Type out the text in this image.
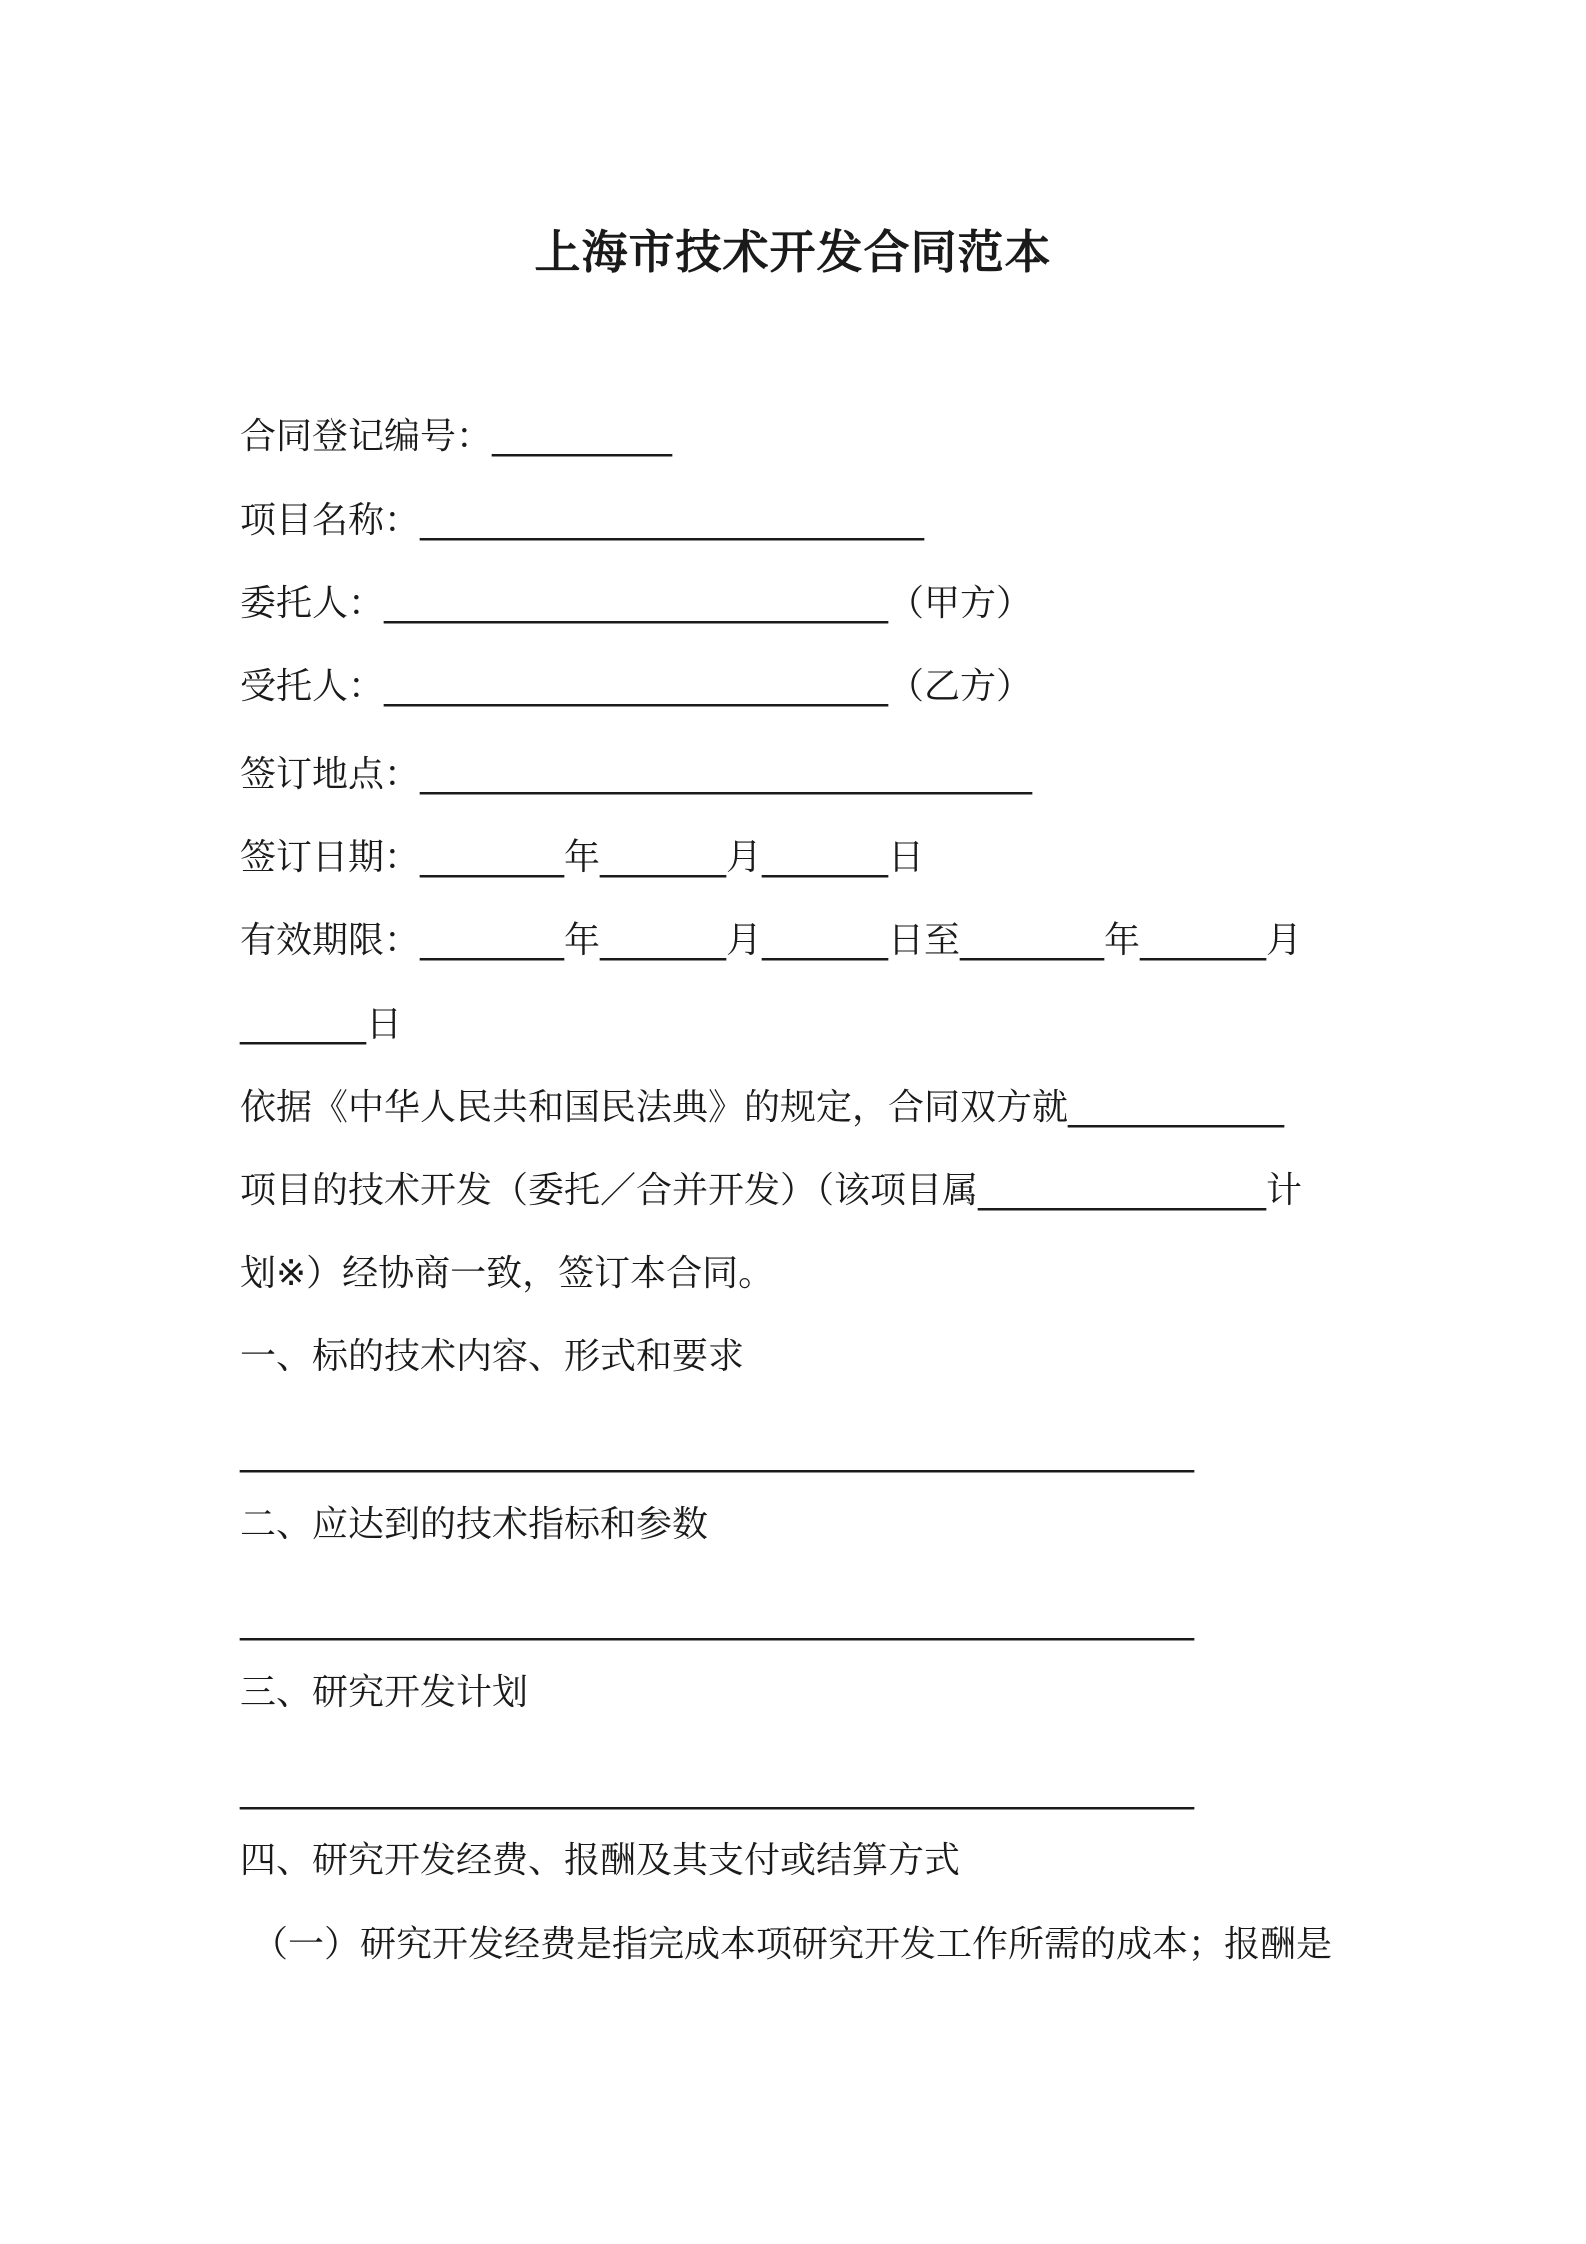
上海市技术开发合同范本
合同登记编号：__________
项目名称：____________________________
委托人：____________________________（甲方）
受托人：____________________________（乙方）
签订地点：__________________________________
签订日期：________年_______月_______日
有效期限：________年_______月_______日至________年_______月
_______日
依据《中华人民共和国民法典》的规定，合同双方就____________
项目的技术开发（委托／合并开发）（该项目属________________计
划※）经协商一致，签订本合同。
一、标的技术内容、形式和要求
_____________________________________________________
二、应达到的技术指标和参数
_____________________________________________________
三、研究开发计划
_____________________________________________________
四、研究开发经费、报酬及其支付或结算方式
（一）研究开发经费是指完成本项研究开发工作所需的成本；报酬是
